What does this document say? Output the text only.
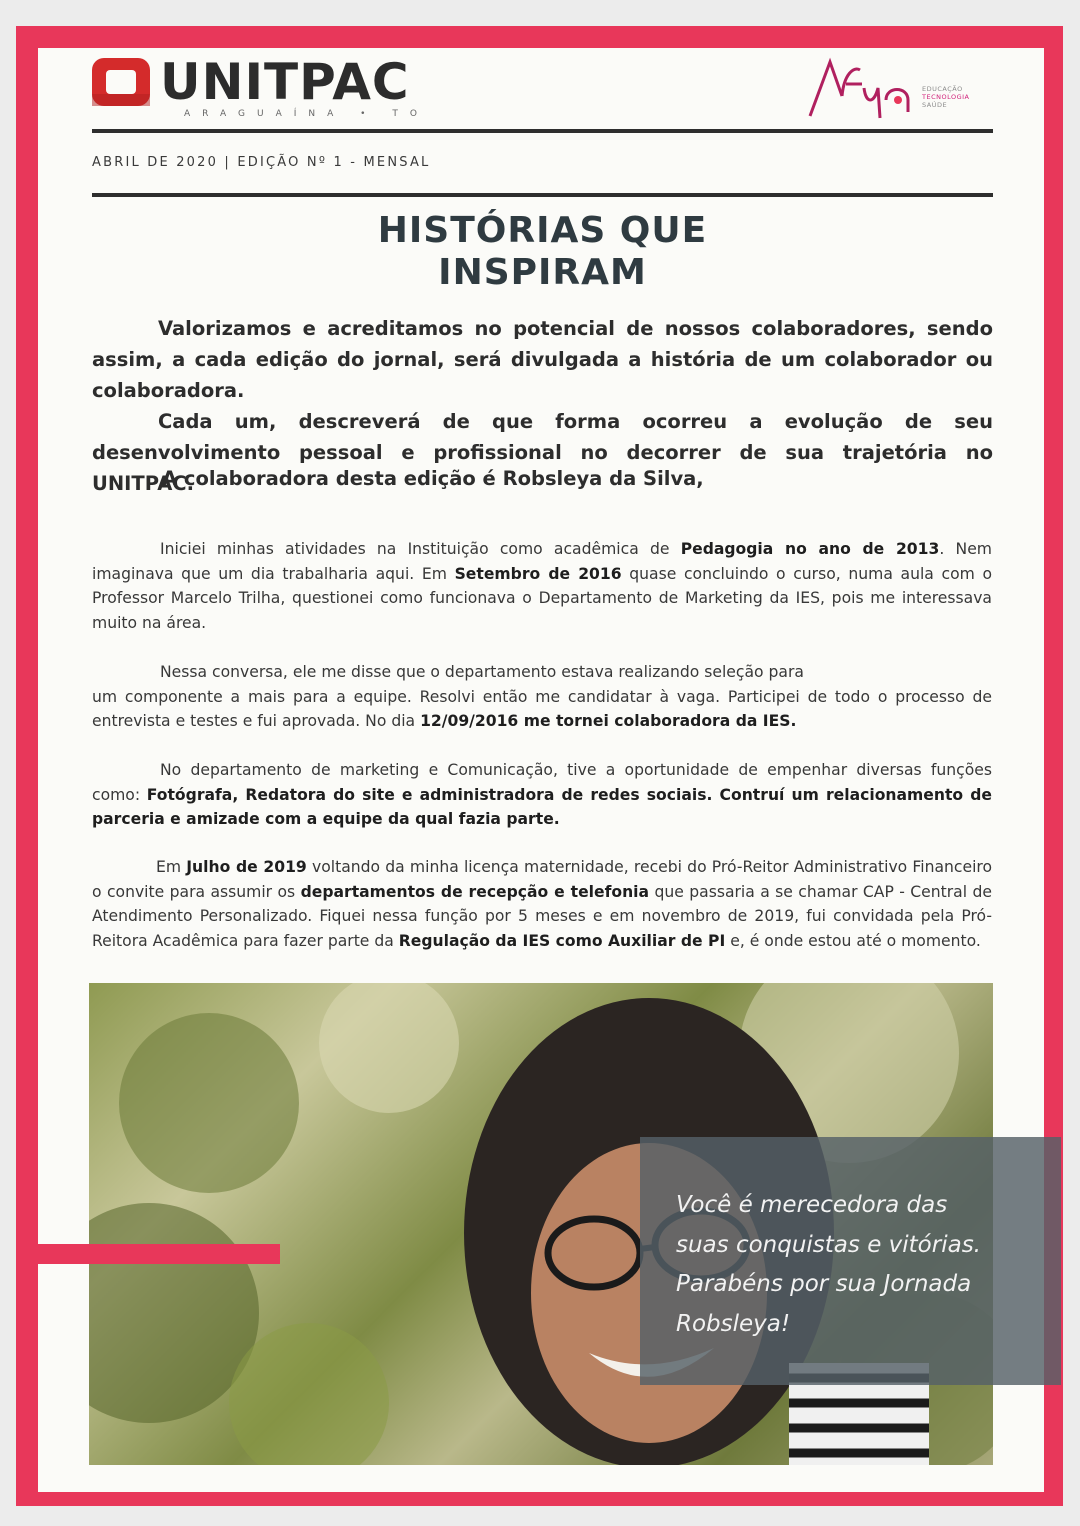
UNITPAC
ARAGUAÍNA • TO
EDUCAÇÃO
TECNOLOGIA
SAÚDE
ABRIL DE 2020 | EDIÇÃO Nº 1 - MENSAL
HISTÓRIAS QUE
INSPIRAM

Valorizamos e acreditamos no potencial de nossos colaboradores, sendo assim, a cada edição do jornal, será divulgada a história de um colaborador ou colaboradora.

Cada um, descreverá de que forma ocorreu a evolução de seu desenvolvimento pessoal e profissional no decorrer de sua trajetória no UNITPAC.

A colaboradora desta edição é Robsleya da Silva,
Iniciei minhas atividades na Instituição como acadêmica de Pedagogia no ano de 2013. Nem imaginava que um dia trabalharia aqui. Em Setembro de 2016 quase concluindo o curso, numa aula com o Professor Marcelo Trilha, questionei como funcionava o Departamento de Marketing da IES, pois me interessava muito na área.
Nessa conversa, ele me disse que o departamento estava realizando seleção para
um componente a mais para a equipe. Resolvi então me candidatar à vaga. Participei de todo o processo de entrevista e testes e fui aprovada. No dia 12/09/2016 me tornei colaboradora da IES.
No departamento de marketing e Comunicação, tive a oportunidade de empenhar diversas funções como: Fotógrafa, Redatora do site e administradora de redes sociais. Contruí um relacionamento de parceria e amizade com a equipe da qual fazia parte.
Em Julho de 2019 voltando da minha licença maternidade, recebi do Pró-Reitor Administrativo Financeiro o convite para assumir os departamentos de recepção e telefonia que passaria a se chamar CAP - Central de Atendimento Personalizado. Fiquei nessa função por 5 meses e em novembro de 2019, fui convidada pela Pró- Reitora Acadêmica para fazer parte da Regulação da IES como Auxiliar de PI e, é onde estou até o momento.
Você é merecedora das suas conquistas e vitórias. Parabéns por sua Jornada Robsleya!
